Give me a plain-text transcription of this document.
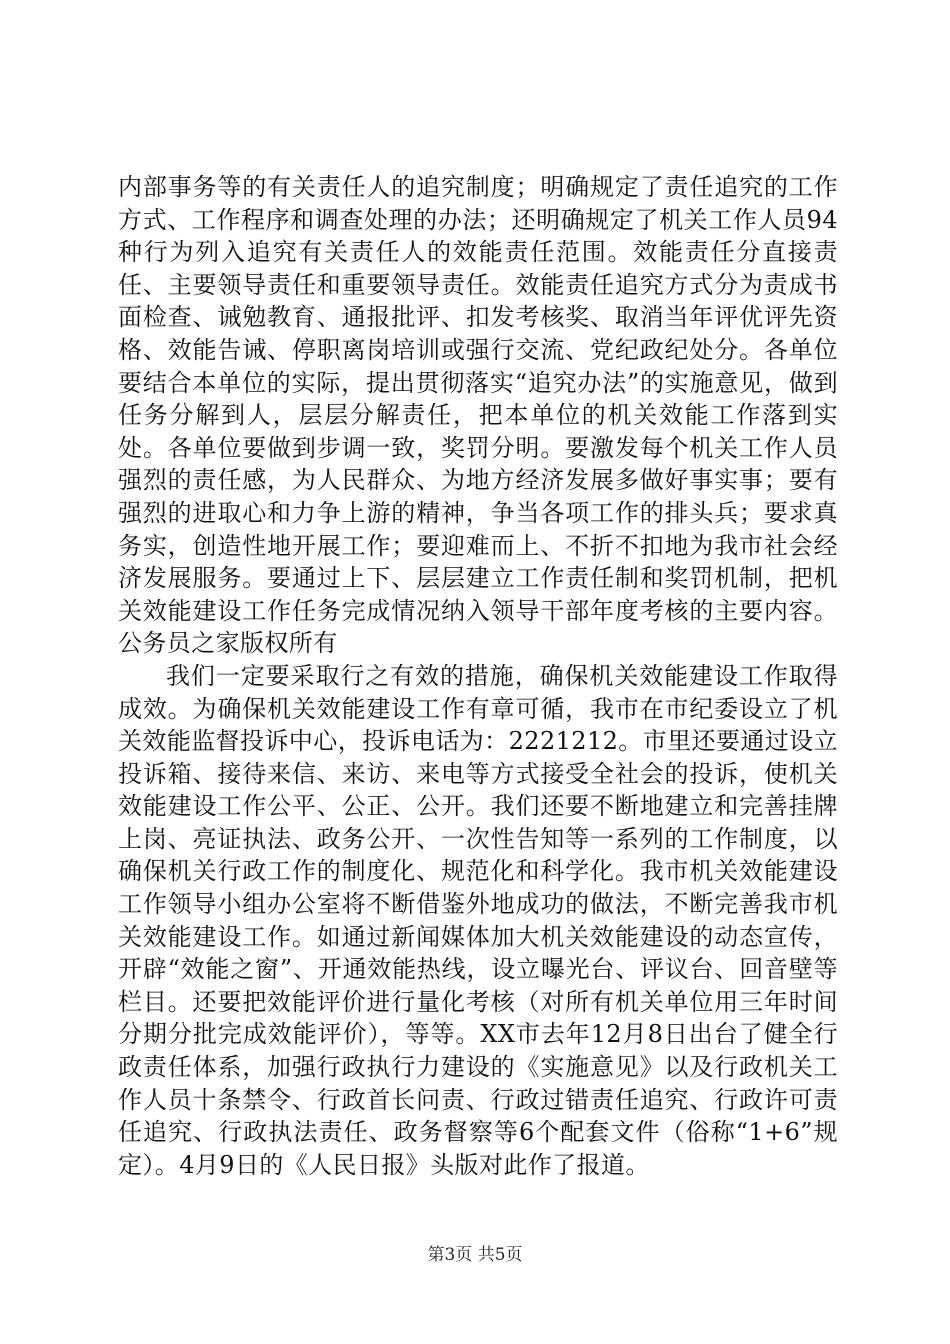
内部事务等的有关责任人的追究制度；明确规定了责任追究的工作方式、工作程序和调查处理的办法；还明确规定了机关工作人员94种行为列入追究有关责任人的效能责任范围。效能责任分直接责任、主要领导责任和重要领导责任。效能责任追究方式分为责成书面检查、诫勉教育、通报批评、扣发考核奖、取消当年评优评先资格、效能告诫、停职离岗培训或强行交流、党纪政纪处分。各单位要结合本单位的实际，提出贯彻落实“追究办法”的实施意见，做到任务分解到人，层层分解责任，把本单位的机关效能工作落到实处。各单位要做到步调一致，奖罚分明。要激发每个机关工作人员强烈的责任感，为人民群众、为地方经济发展多做好事实事；要有强烈的进取心和力争上游的精神，争当各项工作的排头兵；要求真务实，创造性地开展工作；要迎难而上、不折不扣地为我市社会经济发展服务。要通过上下、层层建立工作责任制和奖罚机制，把机关效能建设工作任务完成情况纳入领导干部年度考核的主要内容。公务员之家版权所有

我们一定要采取行之有效的措施，确保机关效能建设工作取得成效。为确保机关效能建设工作有章可循，我市在市纪委设立了机关效能监督投诉中心，投诉电话为：2221212。市里还要通过设立投诉箱、接待来信、来访、来电等方式接受全社会的投诉，使机关效能建设工作公平、公正、公开。我们还要不断地建立和完善挂牌上岗、亮证执法、政务公开、一次性告知等一系列的工作制度，以确保机关行政工作的制度化、规范化和科学化。我市机关效能建设工作领导小组办公室将不断借鉴外地成功的做法，不断完善我市机关效能建设工作。如通过新闻媒体加大机关效能建设的动态宣传，开辟“效能之窗”、开通效能热线，设立曝光台、评议台、回音壁等栏目。还要把效能评价进行量化考核（对所有机关单位用三年时间分期分批完成效能评价），等等。XX市去年12月8日出台了健全行政责任体系，加强行政执行力建设的《实施意见》以及行政机关工作人员十条禁令、行政首长问责、行政过错责任追究、行政许可责任追究、行政执法责任、政务督察等6个配套文件（俗称“1+6”规定）。4月9日的《人民日报》头版对此作了报道。

第3页 共5页
